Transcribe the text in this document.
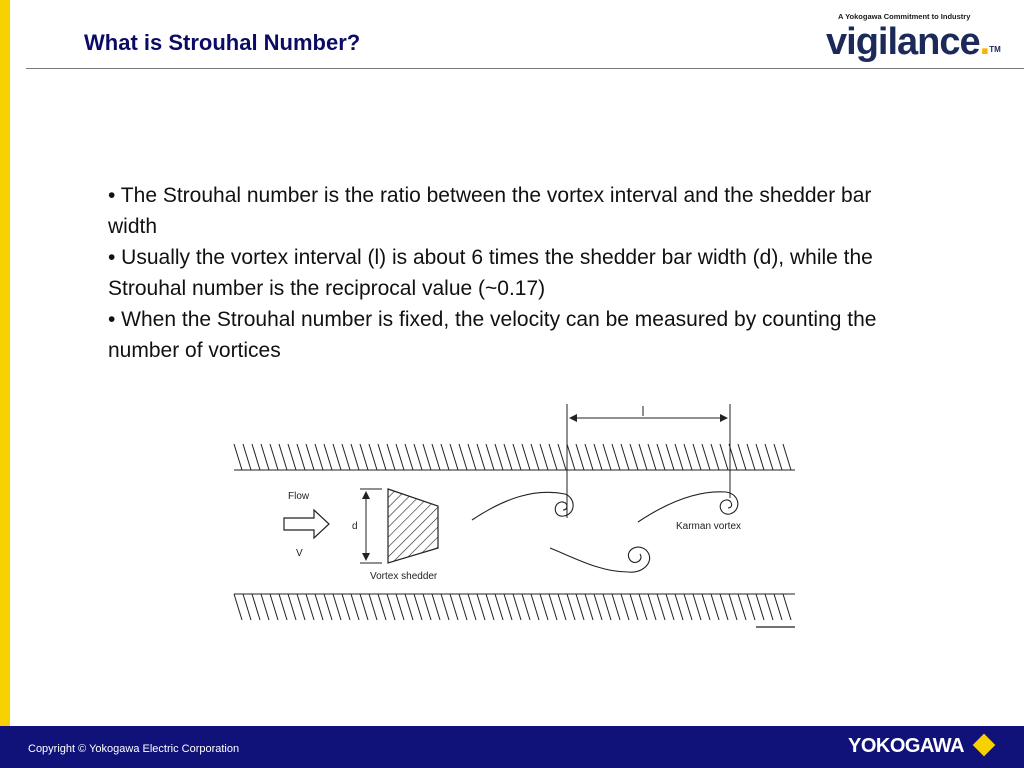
What is Strouhal Number?
A Yokogawa Commitment to Industry
vigilance.™

• The Strouhal number is the ratio between the vortex interval and the shedder bar width

• Usually the vortex interval (l) is about 6 times the shedder bar width (d), while the Strouhal number is the reciprocal value (~0.17)

• When the Strouhal number is fixed, the velocity can be measured by counting the number of vortices

Flow
V
d
Vortex shedder
Karman vortex
Copyright © Yokogawa Electric Corporation	YOKOGAWA
